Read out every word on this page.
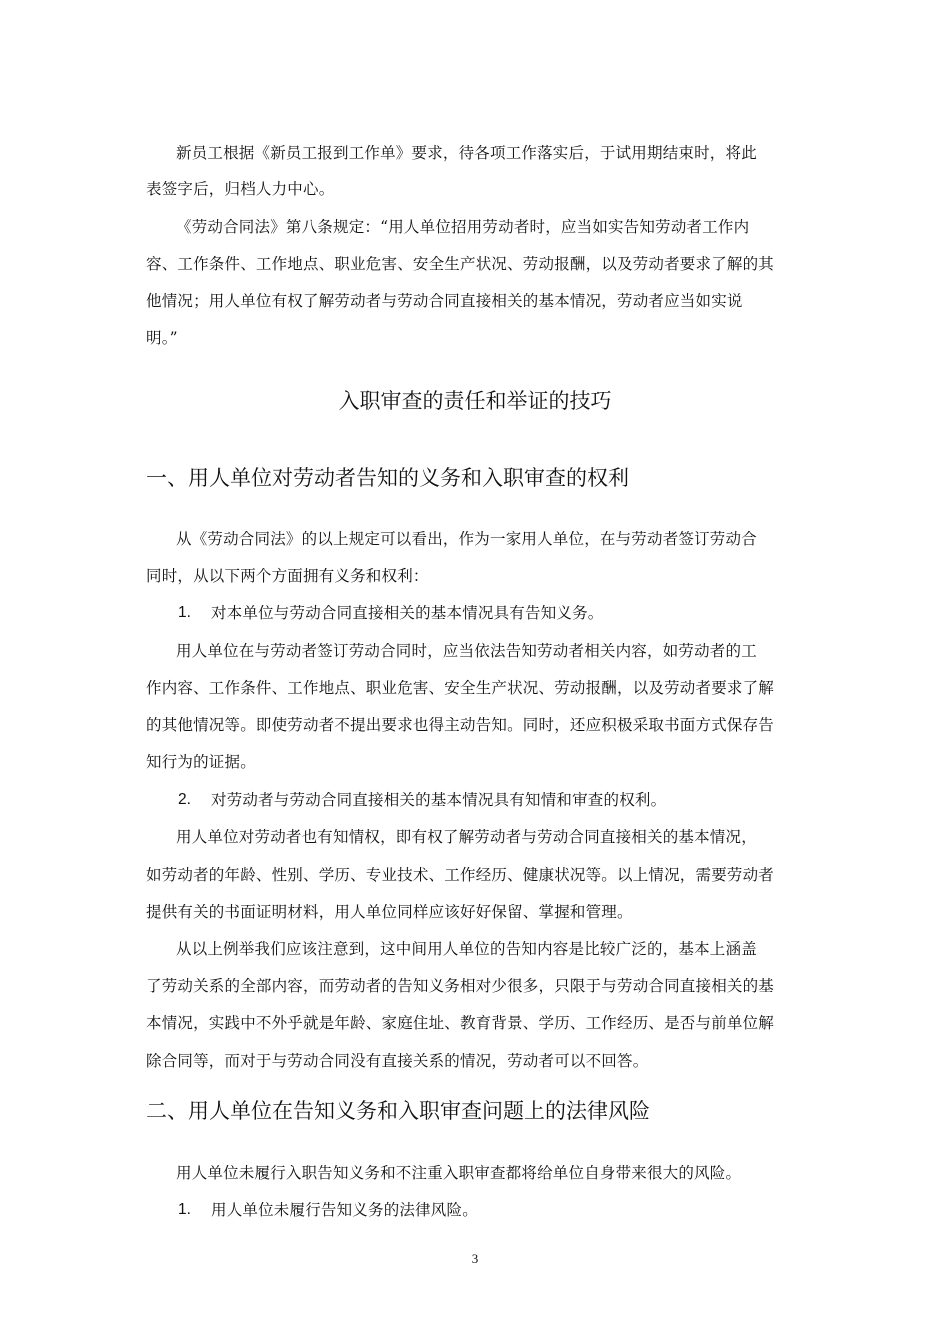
新员工根据《新员工报到工作单》要求，待各项工作落实后，于试用期结束时，将此
表签字后，归档人力中心。
《劳动合同法》第八条规定：“用人单位招用劳动者时，应当如实告知劳动者工作内
容、工作条件、工作地点、职业危害、安全生产状况、劳动报酬，以及劳动者要求了解的其
他情况；用人单位有权了解劳动者与劳动合同直接相关的基本情况，劳动者应当如实说
明。”
入职审查的责任和举证的技巧
一、用人单位对劳动者告知的义务和入职审查的权利
从《劳动合同法》的以上规定可以看出，作为一家用人单位，在与劳动者签订劳动合
同时，从以下两个方面拥有义务和权利：
1. 对本单位与劳动合同直接相关的基本情况具有告知义务。
用人单位在与劳动者签订劳动合同时，应当依法告知劳动者相关内容，如劳动者的工
作内容、工作条件、工作地点、职业危害、安全生产状况、劳动报酬，以及劳动者要求了解
的其他情况等。即使劳动者不提出要求也得主动告知。同时，还应积极采取书面方式保存告
知行为的证据。
2. 对劳动者与劳动合同直接相关的基本情况具有知情和审查的权利。
用人单位对劳动者也有知情权，即有权了解劳动者与劳动合同直接相关的基本情况，
如劳动者的年龄、性别、学历、专业技术、工作经历、健康状况等。以上情况，需要劳动者
提供有关的书面证明材料，用人单位同样应该好好保留、掌握和管理。
从以上例举我们应该注意到，这中间用人单位的告知内容是比较广泛的，基本上涵盖
了劳动关系的全部内容，而劳动者的告知义务相对少很多，只限于与劳动合同直接相关的基
本情况，实践中不外乎就是年龄、家庭住址、教育背景、学历、工作经历、是否与前单位解
除合同等，而对于与劳动合同没有直接关系的情况，劳动者可以不回答。
二、用人单位在告知义务和入职审查问题上的法律风险
用人单位未履行入职告知义务和不注重入职审查都将给单位自身带来很大的风险。
1. 用人单位未履行告知义务的法律风险。
3
